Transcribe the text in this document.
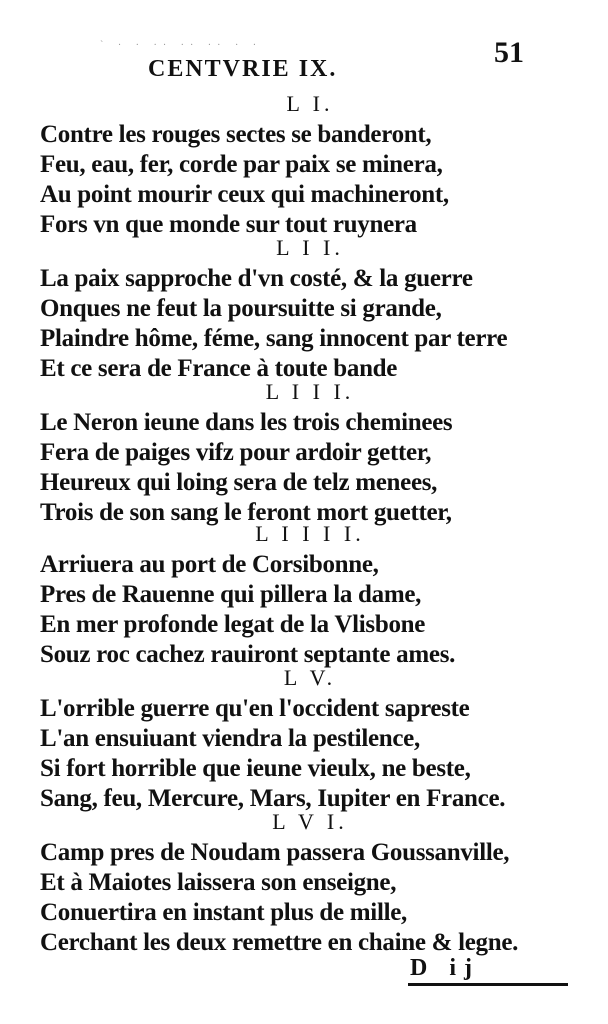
` · · ·· ·· ·· · ·
CENTVRIE IX.	51
L I.
Contre les rouges sectes se banderont,
Feu, eau, fer, corde par paix se minera,
Au point mourir ceux qui machineront,
Fors vn que monde sur tout ruynera
L I I.
La paix sapproche d'vn costé, & la guerre
Onques ne feut la poursuitte si grande,
Plaindre hôme, féme, sang innocent par terre
Et ce sera de France à toute bande
L I I I.
Le Neron ieune dans les trois cheminees
Fera de paiges vifz pour ardoir getter,
Heureux qui loing sera de telz menees,
Trois de son sang le feront mort guetter,
L I I I I.
Arriuera au port de Corsibonne,
Pres de Rauenne qui pillera la dame,
En mer profonde legat de la Vlisbone
Souz roc cachez rauiront septante ames.
L V.
L'orrible guerre qu'en l'occident sapreste
L'an ensuiuant viendra la pestilence,
Si fort horrible que ieune vieulx, ne beste,
Sang, feu, Mercure, Mars, Iupiter en France.
L V I.
Camp pres de Noudam passera Goussanville,
Et à Maiotes laissera son enseigne,
Conuertira en instant plus de mille,
Cerchant les deux remettre en chaine & legne.
D ij
